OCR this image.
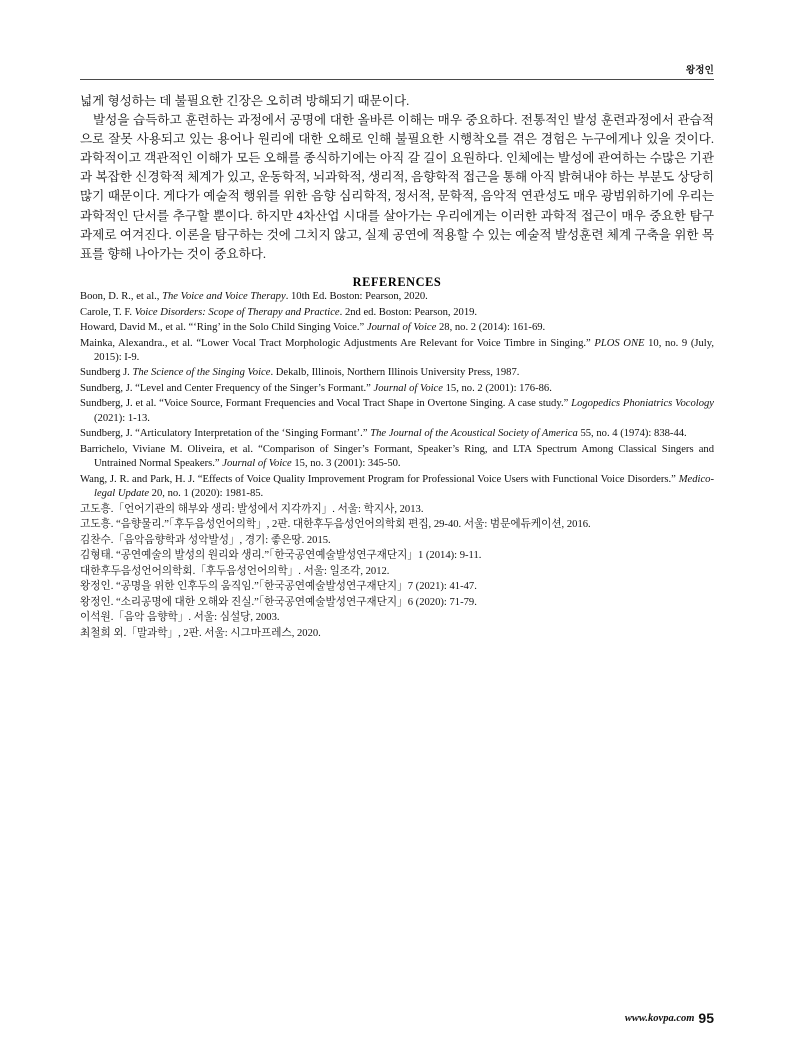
왕정인

넓게 형성하는 데 불필요한 긴장은 오히려 방해되기 때문이다.

발성을 습득하고 훈련하는 과정에서 공명에 대한 올바른 이해는 매우 중요하다. 전통적인 발성 훈련과정에서 관습적으로 잘못 사용되고 있는 용어나 원리에 대한 오해로 인해 불필요한 시행착오를 겪은 경험은 누구에게나 있을 것이다. 과학적이고 객관적인 이해가 모든 오해를 종식하기에는 아직 갈 길이 요원하다. 인체에는 발성에 관여하는 수많은 기관과 복잡한 신경학적 체계가 있고, 운동학적, 뇌과학적, 생리적, 음향학적 접근을 통해 아직 밝혀내야 하는 부분도 상당히 많기 때문이다. 게다가 예술적 행위를 위한 음향 심리학적, 정서적, 문학적, 음악적 연관성도 매우 광범위하기에 우리는 과학적인 단서를 추구할 뿐이다. 하지만 4차산업 시대를 살아가는 우리에게는 이러한 과학적 접근이 매우 중요한 탐구과제로 여겨진다. 이론을 탐구하는 것에 그치지 않고, 실제 공연에 적용할 수 있는 예술적 발성훈련 체계 구축을 위한 목표를 향해 나아가는 것이 중요하다.

REFERENCES
Boon, D. R., et al., The Voice and Voice Therapy. 10th Ed. Boston: Pearson, 2020.
Carole, T. F. Voice Disorders: Scope of Therapy and Practice. 2nd ed. Boston: Pearson, 2019.
Howard, David M., et al. “‘Ring’ in the Solo Child Singing Voice.” Journal of Voice 28, no. 2 (2014): 161-69.
Mainka, Alexandra., et al. “Lower Vocal Tract Morphologic Adjustments Are Relevant for Voice Timbre in Singing.” PLOS ONE 10, no. 9 (July, 2015): I-9.
Sundberg J. The Science of the Singing Voice. Dekalb, Illinois, Northern Illinois University Press, 1987.
Sundberg, J. “Level and Center Frequency of the Singer’s Formant.” Journal of Voice 15, no. 2 (2001): 176-86.
Sundberg, J. et al. “Voice Source, Formant Frequencies and Vocal Tract Shape in Overtone Singing. A case study.” Logopedics Phoniatrics Vocology (2021): 1-13.
Sundberg, J. “Articulatory Interpretation of the ‘Singing Formant’.” The Journal of the Acoustical Society of America 55, no. 4 (1974): 838-44.
Barrichelo, Viviane M. Oliveira, et al. “Comparison of Singer’s Formant, Speaker’s Ring, and LTA Spectrum Among Classical Singers and Untrained Normal Speakers.” Journal of Voice 15, no. 3 (2001): 345-50.
Wang, J. R. and Park, H. J. “Effects of Voice Quality Improvement Program for Professional Voice Users with Functional Voice Disorders.” Medico-legal Update 20, no. 1 (2020): 1981-85.
고도흥.「언어기관의 해부와 생리: 발성에서 지각까지」. 서울: 학지사, 2013.
고도흥. “음향물리.”「후두음성언어의학」, 2판. 대한후두음성언어의학회 편집, 29-40. 서울: 범문에듀케이션, 2016.
김찬수.「음악음향학과 성악발성」, 경기: 좋은땅. 2015.
김형태. “공연예술의 발성의 원리와 생리.”「한국공연예술발성연구재단지」1 (2014): 9-11.
대한후두음성언어의학회.「후두음성언어의학」. 서울: 일조각, 2012.
왕정인. “공명을 위한 인후두의 움직임.”「한국공연예술발성연구재단지」7 (2021): 41-47.
왕정인. “소리공명에 대한 오해와 진실.”「한국공연예술발성연구재단지」6 (2020): 71-79.
이석원.「음악 음향학」. 서울: 심설당, 2003.
최철희 외.「말과학」, 2판. 서울: 시그마프레스, 2020.
www.kovpa.com 95
